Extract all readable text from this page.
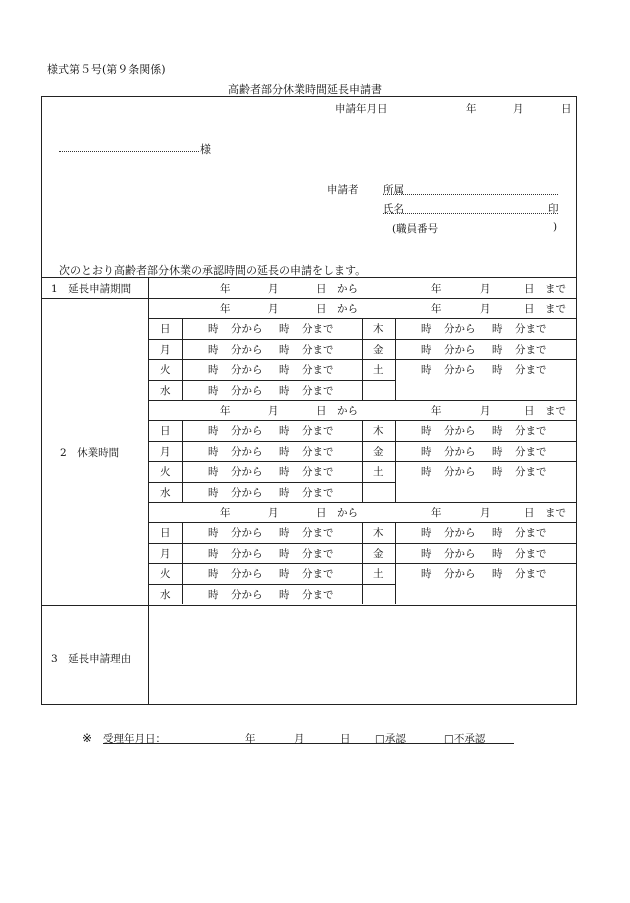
様式第５号(第９条関係)
高齢者部分休業時間延長申請書
申請年月日	年	月	日
様
申請者 所属
氏名	印
(職員番号	)
次のとおり高齢者部分休業の承認時間の延長の申請をします。
1　延長申請期間	年	月	日　から	年	月	日　まで
年	月	日　から	年	月	日　まで
日	時 分から 時 分まで	木	時 分から 時 分まで
月	時 分から 時 分まで	金	時 分から 時 分まで
火	時 分から 時 分まで	土	時 分から 時 分まで
水	時 分から 時 分まで
年	月	日　から	年	月	日　まで
日	時 分から 時 分まで	木	時 分から 時 分まで
月	時 分から 時 分まで	金	時 分から 時 分まで
火	時 分から 時 分まで	土	時 分から 時 分まで
水	時 分から 時 分まで
年	月	日　から	年	月	日　まで
日	時 分から 時 分まで	木	時 分から 時 分まで
月	時 分から 時 分まで	金	時 分から 時 分まで
火	時 分から 時 分まで	土	時 分から 時 分まで
水	時 分から 時 分まで
2　休業時間
3　延長申請理由
※ 受理年月日：	年	月	日 □承認	□不承認
